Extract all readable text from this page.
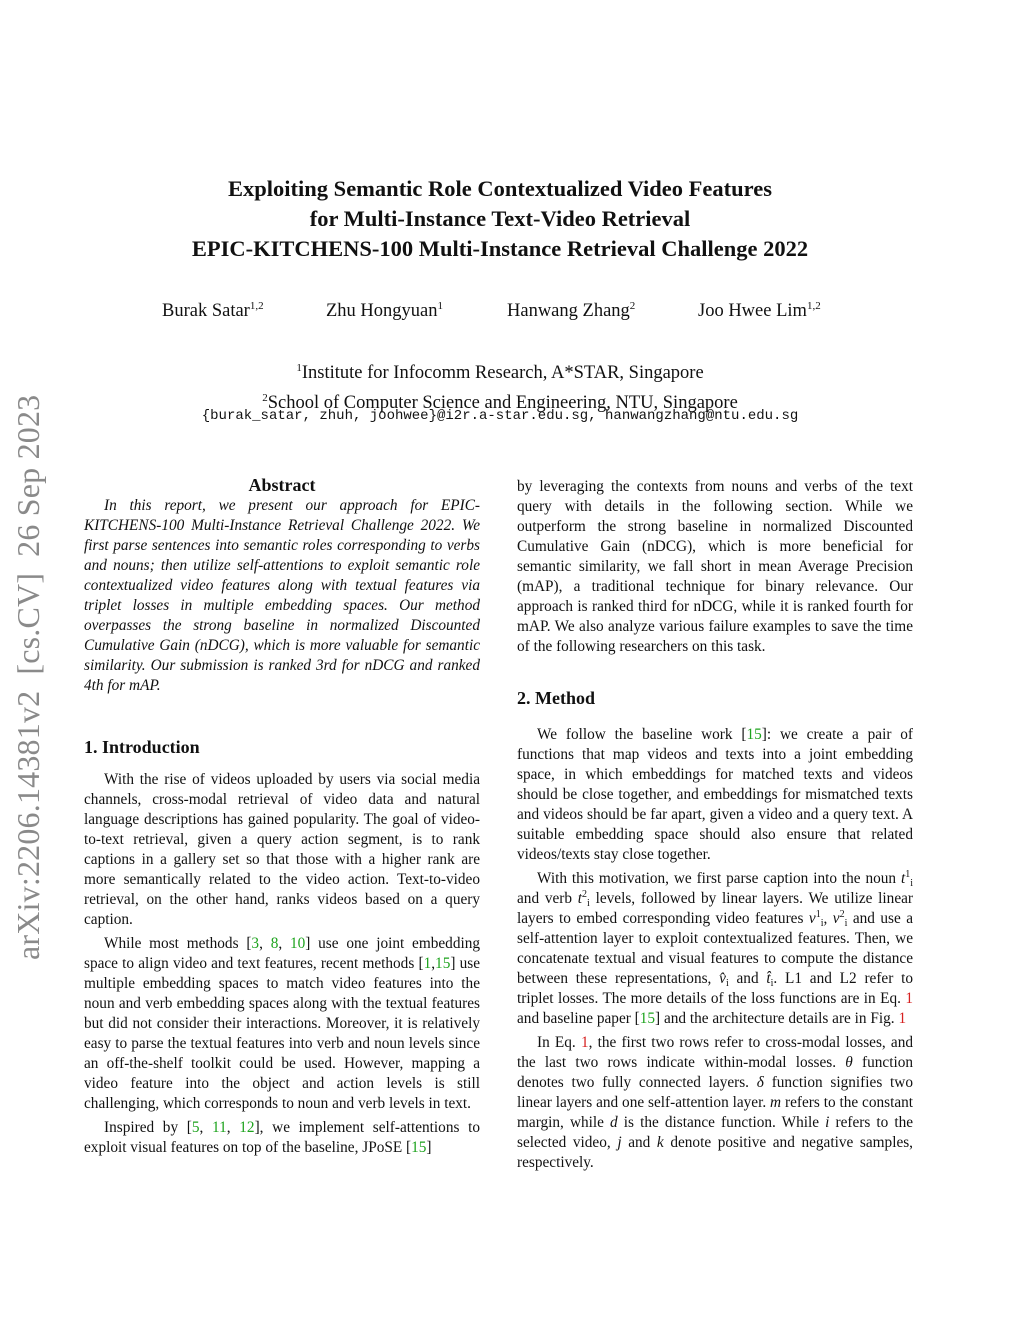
arXiv:2206.14381v2[cs.CV]26 Sep 2023
Exploiting Semantic Role Contextualized Video Features
for Multi-Instance Text-Video Retrieval
EPIC-KITCHENS-100 Multi-Instance Retrieval Challenge 2022
Burak Satar$^{1,2}$	Zhu Hongyuan$^1$	Hanwang Zhang$^2$	Joo Hwee Lim$^{1,2}$
$^1$Institute for Infocomm Research, A*STAR, Singapore
$^2$School of Computer Science and Engineering, NTU, Singapore
{burak_satar, zhuh, joohwee}@i2r.a-star.edu.sg, hanwangzhang@ntu.edu.sg

Abstract

In this report, we present our approach for EPIC-KITCHENS-100 Multi-Instance Retrieval Challenge 2022. We first parse sentences into semantic roles corresponding to verbs and nouns; then utilize self-attentions to exploit semantic role contextualized video features along with textual features via triplet losses in multiple embedding spaces. Our method overpasses the strong baseline in normalized Discounted Cumulative Gain (nDCG), which is more valuable for semantic similarity. Our submission is ranked 3rd for nDCG and ranked 4th for mAP.

1. Introduction

With the rise of videos uploaded by users via social media channels, cross-modal retrieval of video data and natural language descriptions has gained popularity. The goal of video-to-text retrieval, given a query action segment, is to rank captions in a gallery set so that those with a higher rank are more semantically related to the video action. Text-to-video retrieval, on the other hand, ranks videos based on a query caption.

While most methods [3, 8, 10] use one joint embedding space to align video and text features, recent methods [1,15] use multiple embedding spaces to match video features into the noun and verb embedding spaces along with the textual features but did not consider their interactions. Moreover, it is relatively easy to parse the textual features into verb and noun levels since an off-the-shelf toolkit could be used. However, mapping a video feature into the object and action levels is still challenging, which corresponds to noun and verb levels in text.

Inspired by [5, 11, 12], we implement self-attentions to exploit visual features on top of the baseline, JPoSE [15]

by leveraging the contexts from nouns and verbs of the text query with details in the following section. While we outperform the strong baseline in normalized Discounted Cumulative Gain (nDCG), which is more beneficial for semantic similarity, we fall short in mean Average Precision (mAP), a traditional technique for binary relevance. Our approach is ranked third for nDCG, while it is ranked fourth for mAP. We also analyze various failure examples to save the time of the following researchers on this task.

2. Method

We follow the baseline work [15]: we create a pair of functions that map videos and texts into a joint embedding space, in which embeddings for matched texts and videos should be close together, and embeddings for mismatched texts and videos should be far apart, given a video and a query text. A suitable embedding space should also ensure that related videos/texts stay close together.

With this motivation, we first parse caption into the noun $t^1_i$ and verb $t^2_i$ levels, followed by linear layers. We utilize linear layers to embed corresponding video features $v^1_i$, $v^2_i$ and use a self-attention layer to exploit contextualized features. Then, we concatenate textual and visual features to compute the distance between these representations, $v̂_i$ and $t̂_i$. L1 and L2 refer to triplet losses. The more details of the loss functions are in Eq. 1 and baseline paper [15] and the architecture details are in Fig. 1

In Eq. 1, the first two rows refer to cross-modal losses, and the last two rows indicate within-modal losses. θ function denotes two fully connected layers. δ function signifies two linear layers and one self-attention layer. m refers to the constant margin, while d is the distance function. While i refers to the selected video, j and k denote positive and negative samples, respectively.
